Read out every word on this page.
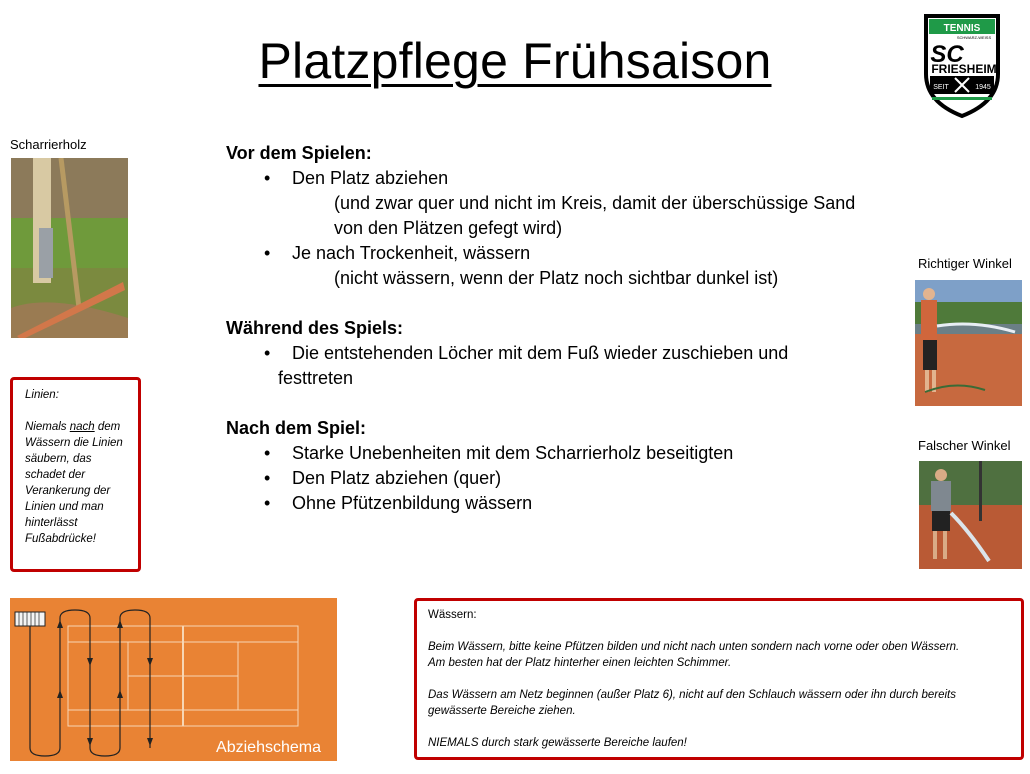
Platzpflege Frühsaison
TENNIS
SCHWARZ-WEISS
SC
FRIESHEIM
SEIT	1945
Scharrierholz	Vor dem Spielen:
• Den Platz abziehen
(und zwar quer und nicht im Kreis, damit der überschüssige Sand
von den Plätzen gefegt wird)
• Je nach Trockenheit, wässern
(nicht wässern, wenn der Platz noch sichtbar dunkel ist)
Während des Spiels:
• Die entstehenden Löcher mit dem Fuß wieder zuschieben und
festtreten
Nach dem Spiel:
• Starke Unebenheiten mit dem Scharrierholz beseitigten
• Den Platz abziehen (quer)
• Ohne Pfützenbildung wässern
Richtiger Winkel
Falscher Winkel

Linien:

Niemals nach dem Wässern die Linien säubern, das schadet der Verankerung der Linien und man hinterlässt Fußabdrücke!

Abziehschema

Wässern:

Beim Wässern, bitte keine Pfützen bilden und nicht nach unten sondern nach vorne oder oben Wässern.

Am besten hat der Platz hinterher einen leichten Schimmer.

Das Wässern am Netz beginnen (außer Platz 6), nicht auf den Schlauch wässern oder ihn durch bereits

gewässerte Bereiche ziehen.

NIEMALS durch stark gewässerte Bereiche laufen!
